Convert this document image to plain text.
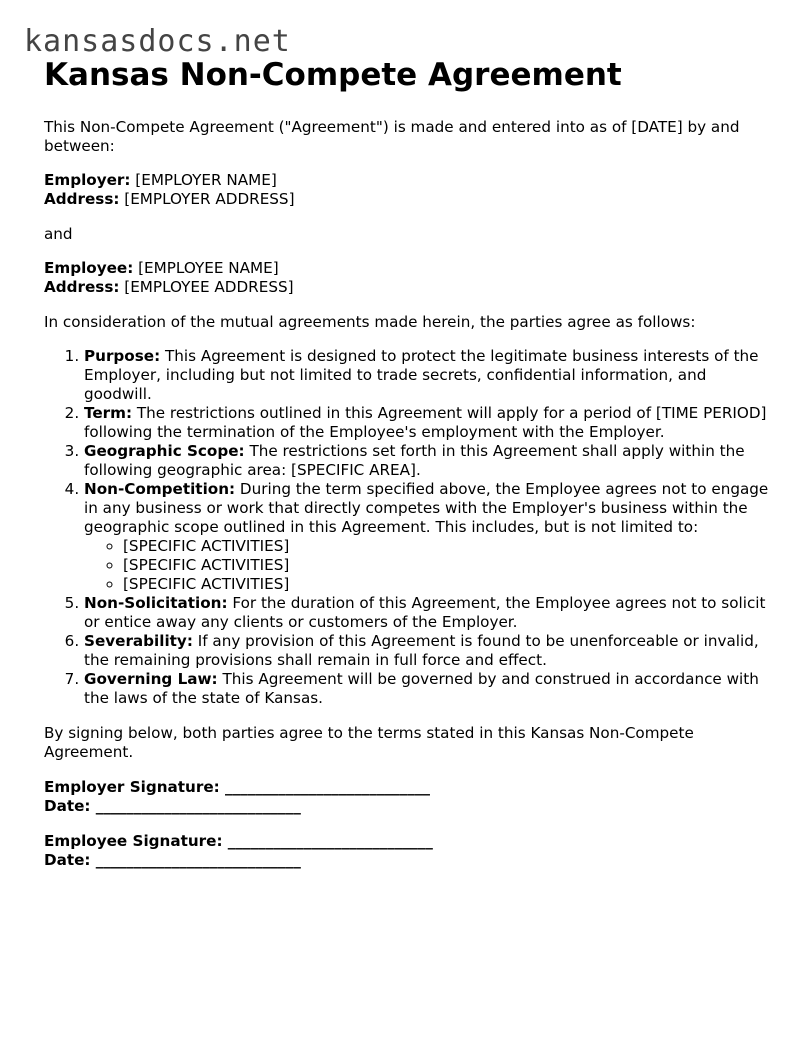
kansasdocs.net
Kansas Non-Compete Agreement

This Non-Compete Agreement ("Agreement") is made and entered into as of [DATE] by and between:

Employer: [EMPLOYER NAME]
Address: [EMPLOYER ADDRESS]

and

Employee: [EMPLOYEE NAME]
Address: [EMPLOYEE ADDRESS]

In consideration of the mutual agreements made herein, the parties agree as follows:

1. Purpose: This Agreement is designed to protect the legitimate business interests of the Employer, including but not limited to trade secrets, confidential information, and goodwill.
2. Term: The restrictions outlined in this Agreement will apply for a period of [TIME PERIOD] following the termination of the Employee's employment with the Employer.
3. Geographic Scope: The restrictions set forth in this Agreement shall apply within the following geographic area: [SPECIFIC AREA].
4. Non-Competition: During the term specified above, the Employee agrees not to engage in any business or work that directly competes with the Employer's business within the geographic scope outlined in this Agreement. This includes, but is not limited to:
◦ [SPECIFIC ACTIVITIES]
◦ [SPECIFIC ACTIVITIES]
◦ [SPECIFIC ACTIVITIES]
5. Non-Solicitation: For the duration of this Agreement, the Employee agrees not to solicit or entice away any clients or customers of the Employer.
6. Severability: If any provision of this Agreement is found to be unenforceable or invalid, the remaining provisions shall remain in full force and effect.
7. Governing Law: This Agreement will be governed by and construed in accordance with the laws of the state of Kansas.

By signing below, both parties agree to the terms stated in this Kansas Non-Compete Agreement.

Employer Signature: ___________________________
Date: ___________________________
Employee Signature: ___________________________
Date: ___________________________
